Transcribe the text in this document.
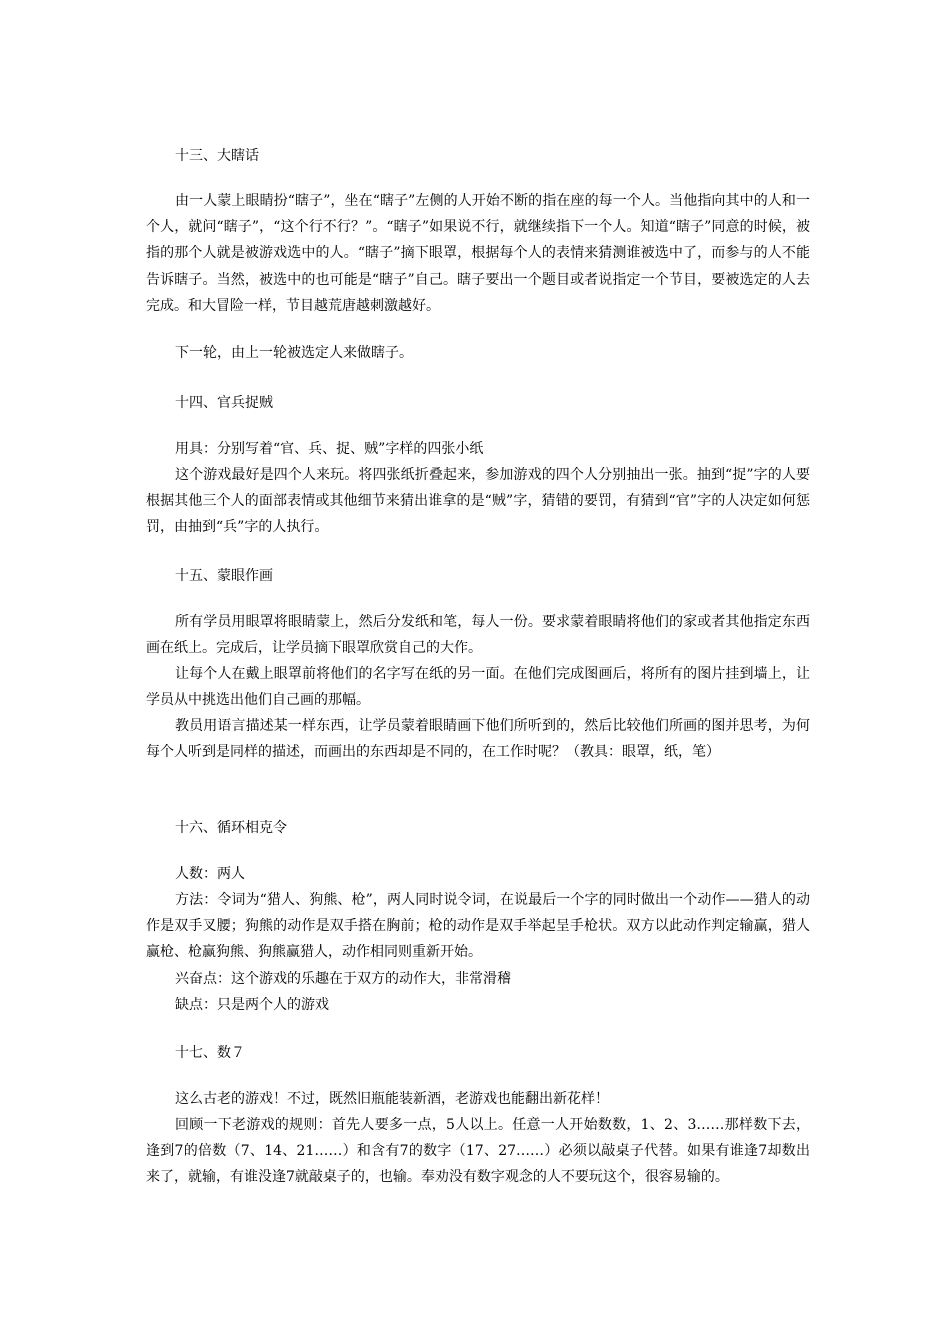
十三、大瞎话

由一人蒙上眼睛扮“瞎子”，坐在“瞎子”左侧的人开始不断的指在座的每一个人。当他指向其中的人和一个人，就问“瞎子”，“这个行不行？”。“瞎子”如果说不行，就继续指下一个人。知道“瞎子”同意的时候，被指的那个人就是被游戏选中的人。“瞎子”摘下眼罩，根据每个人的表情来猜测谁被选中了，而参与的人不能告诉瞎子。当然，被选中的也可能是“瞎子”自己。瞎子要出一个题目或者说指定一个节目，要被选定的人去完成。和大冒险一样，节目越荒唐越刺激越好。

下一轮，由上一轮被选定人来做瞎子。

十四、官兵捉贼

用具：分别写着“官、兵、捉、贼”字样的四张小纸

这个游戏最好是四个人来玩。将四张纸折叠起来，参加游戏的四个人分别抽出一张。抽到“捉”字的人要根据其他三个人的面部表情或其他细节来猜出谁拿的是“贼”字，猜错的要罚，有猜到“官”字的人决定如何惩罚，由抽到“兵”字的人执行。

十五、蒙眼作画

所有学员用眼罩将眼睛蒙上，然后分发纸和笔，每人一份。要求蒙着眼睛将他们的家或者其他指定东西画在纸上。完成后，让学员摘下眼罩欣赏自己的大作。

让每个人在戴上眼罩前将他们的名字写在纸的另一面。在他们完成图画后，将所有的图片挂到墙上，让学员从中挑选出他们自己画的那幅。

教员用语言描述某一样东西，让学员蒙着眼睛画下他们所听到的，然后比较他们所画的图并思考，为何每个人听到是同样的描述，而画出的东西却是不同的，在工作时呢？（教具：眼罩，纸，笔）

十六、循环相克令

人数：两人

方法：令词为“猎人、狗熊、枪”，两人同时说令词，在说最后一个字的同时做出一个动作——猎人的动作是双手叉腰；狗熊的动作是双手搭在胸前；枪的动作是双手举起呈手枪状。双方以此动作判定输赢，猎人赢枪、枪赢狗熊、狗熊赢猎人，动作相同则重新开始。

兴奋点：这个游戏的乐趣在于双方的动作大，非常滑稽

缺点：只是两个人的游戏

十七、数７

这么古老的游戏！不过，既然旧瓶能装新酒，老游戏也能翻出新花样！

回顾一下老游戏的规则：首先人要多一点，5人以上。任意一人开始数数，1、2、3……那样数下去，逢到7的倍数（7、14、21……）和含有7的数字（17、27……）必须以敲桌子代替。如果有谁逢7却数出来了，就输，有谁没逢7就敲桌子的，也输。奉劝没有数字观念的人不要玩这个，很容易输的。
